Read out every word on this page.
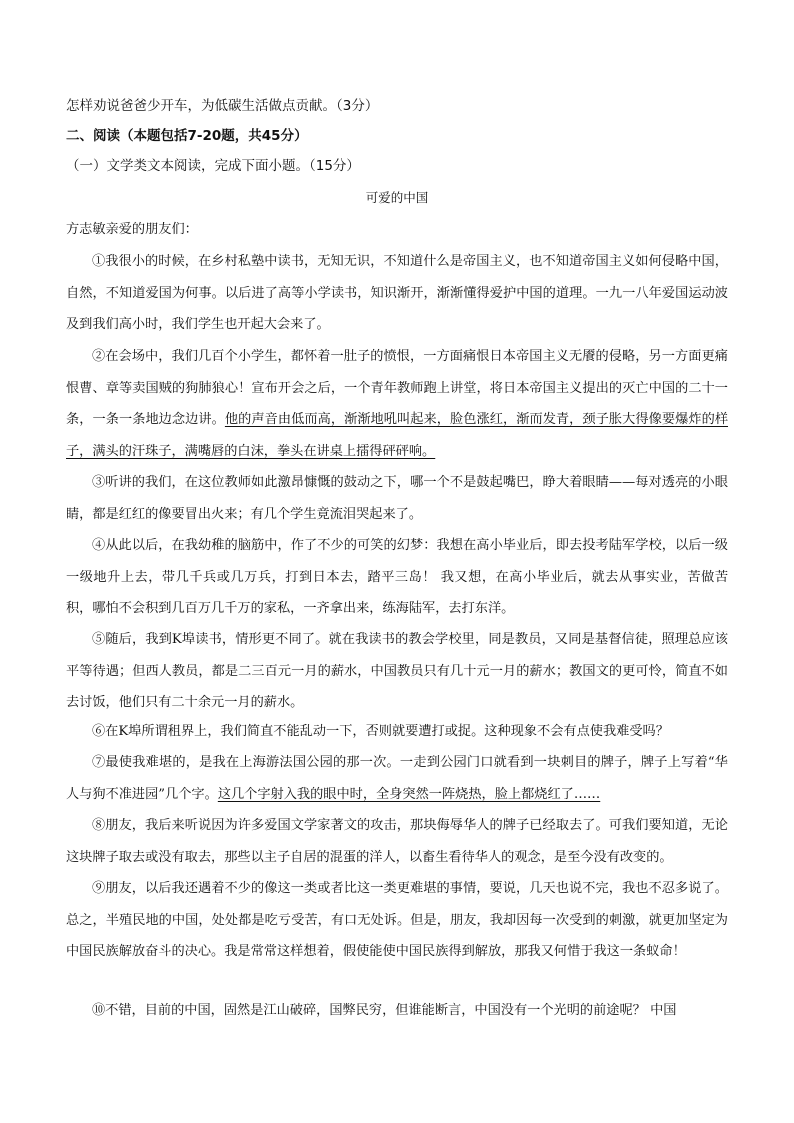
怎样劝说爸爸少开车，为低碳生活做点贡献。（3分）
二、阅读（本题包括7-20题，共45分）
（一）文学类文本阅读，完成下面小题。（15分）
可爱的中国
方志敏亲爱的朋友们：
①我很小的时候，在乡村私塾中读书，无知无识，不知道什么是帝国主义，也不知道帝国主义如何侵略中国，自然，不知道爱国为何事。以后进了高等小学读书，知识渐开，渐渐懂得爱护中国的道理。一九一八年爱国运动波及到我们高小时，我们学生也开起大会来了。
②在会场中，我们几百个小学生，都怀着一肚子的愤恨，一方面痛恨日本帝国主义无餍的侵略，另一方面更痛恨曹、章等卖国贼的狗肺狼心！宣布开会之后，一个青年教师跑上讲堂，将日本帝国主义提出的灭亡中国的二十一条，一条一条地边念边讲。他的声音由低而高，渐渐地吼叫起来，脸色涨红，渐而发青，颈子胀大得像要爆炸的样子，满头的汗珠子，满嘴唇的白沫，拳头在讲桌上擂得砰砰响。
③听讲的我们，在这位教师如此激昂慷慨的鼓动之下，哪一个不是鼓起嘴巴，睁大着眼睛——每对透亮的小眼睛，都是红红的像要冒出火来；有几个学生竟流泪哭起来了。
④从此以后，在我幼稚的脑筋中，作了不少的可笑的幻梦：我想在高小毕业后，即去投考陆军学校，以后一级一级地升上去，带几千兵或几万兵，打到日本去，踏平三岛！ 我又想，在高小毕业后，就去从事实业，苦做苦积，哪怕不会积到几百万几千万的家私，一齐拿出来，练海陆军，去打东洋。
⑤随后，我到K埠读书，情形更不同了。就在我读书的教会学校里，同是教员，又同是基督信徒，照理总应该平等待遇；但西人教员，都是二三百元一月的薪水，中国教员只有几十元一月的薪水；教国文的更可怜，简直不如去讨饭，他们只有二十余元一月的薪水。
⑥在K埠所谓租界上，我们简直不能乱动一下，否则就要遭打或捉。这种现象不会有点使我难受吗？
⑦最使我难堪的，是我在上海游法国公园的那一次。一走到公园门口就看到一块刺目的牌子，牌子上写着“华人与狗不准进园”几个字。这几个字射入我的眼中时，全身突然一阵烧热，脸上都烧红了……
⑧朋友，我后来听说因为许多爱国文学家著文的攻击，那块侮辱华人的牌子已经取去了。可我们要知道，无论这块牌子取去或没有取去，那些以主子自居的混蛋的洋人，以畜生看待华人的观念，是至今没有改变的。
⑨朋友，以后我还遇着不少的像这一类或者比这一类更难堪的事情，要说，几天也说不完，我也不忍多说了。总之，半殖民地的中国，处处都是吃亏受苦，有口无处诉。但是，朋友，我却因每一次受到的刺激，就更加坚定为中国民族解放奋斗的决心。我是常常这样想着，假使能使中国民族得到解放，那我又何惜于我这一条蚁命！
⑩不错，目前的中国，固然是江山破碎，国弊民穷，但谁能断言，中国没有一个光明的前途呢？ 中国
